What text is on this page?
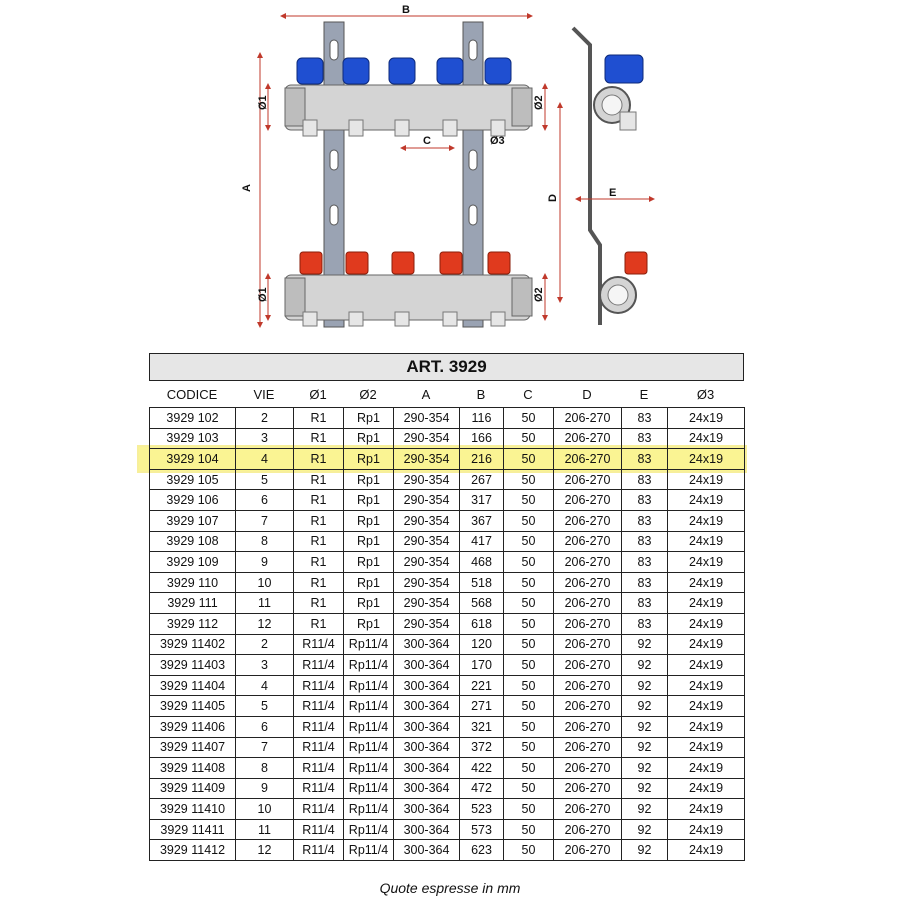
B
A
Ø1
Ø1
Ø2
Ø2
D
C	Ø3
E
ART. 3929
CODICE	VIE	Ø1	Ø2	A	B	C	D	E	Ø3
3929 102	2	R1	Rp1	290-354	116	50	206-270	83	24x19
3929 103	3	R1	Rp1	290-354	166	50	206-270	83	24x19
3929 104	4	R1	Rp1	290-354	216	50	206-270	83	24x19
3929 105	5	R1	Rp1	290-354	267	50	206-270	83	24x19
3929 106	6	R1	Rp1	290-354	317	50	206-270	83	24x19
3929 107	7	R1	Rp1	290-354	367	50	206-270	83	24x19
3929 108	8	R1	Rp1	290-354	417	50	206-270	83	24x19
3929 109	9	R1	Rp1	290-354	468	50	206-270	83	24x19
3929 110	10	R1	Rp1	290-354	518	50	206-270	83	24x19
3929 111	11	R1	Rp1	290-354	568	50	206-270	83	24x19
3929 112	12	R1	Rp1	290-354	618	50	206-270	83	24x19
3929 11402	2	R11/4	Rp11/4	300-364	120	50	206-270	92	24x19
3929 11403	3	R11/4	Rp11/4	300-364	170	50	206-270	92	24x19
3929 11404	4	R11/4	Rp11/4	300-364	221	50	206-270	92	24x19
3929 11405	5	R11/4	Rp11/4	300-364	271	50	206-270	92	24x19
3929 11406	6	R11/4	Rp11/4	300-364	321	50	206-270	92	24x19
3929 11407	7	R11/4	Rp11/4	300-364	372	50	206-270	92	24x19
3929 11408	8	R11/4	Rp11/4	300-364	422	50	206-270	92	24x19
3929 11409	9	R11/4	Rp11/4	300-364	472	50	206-270	92	24x19
3929 11410	10	R11/4	Rp11/4	300-364	523	50	206-270	92	24x19
3929 11411	11	R11/4	Rp11/4	300-364	573	50	206-270	92	24x19
3929 11412	12	R11/4	Rp11/4	300-364	623	50	206-270	92	24x19
Quote espresse in mm
